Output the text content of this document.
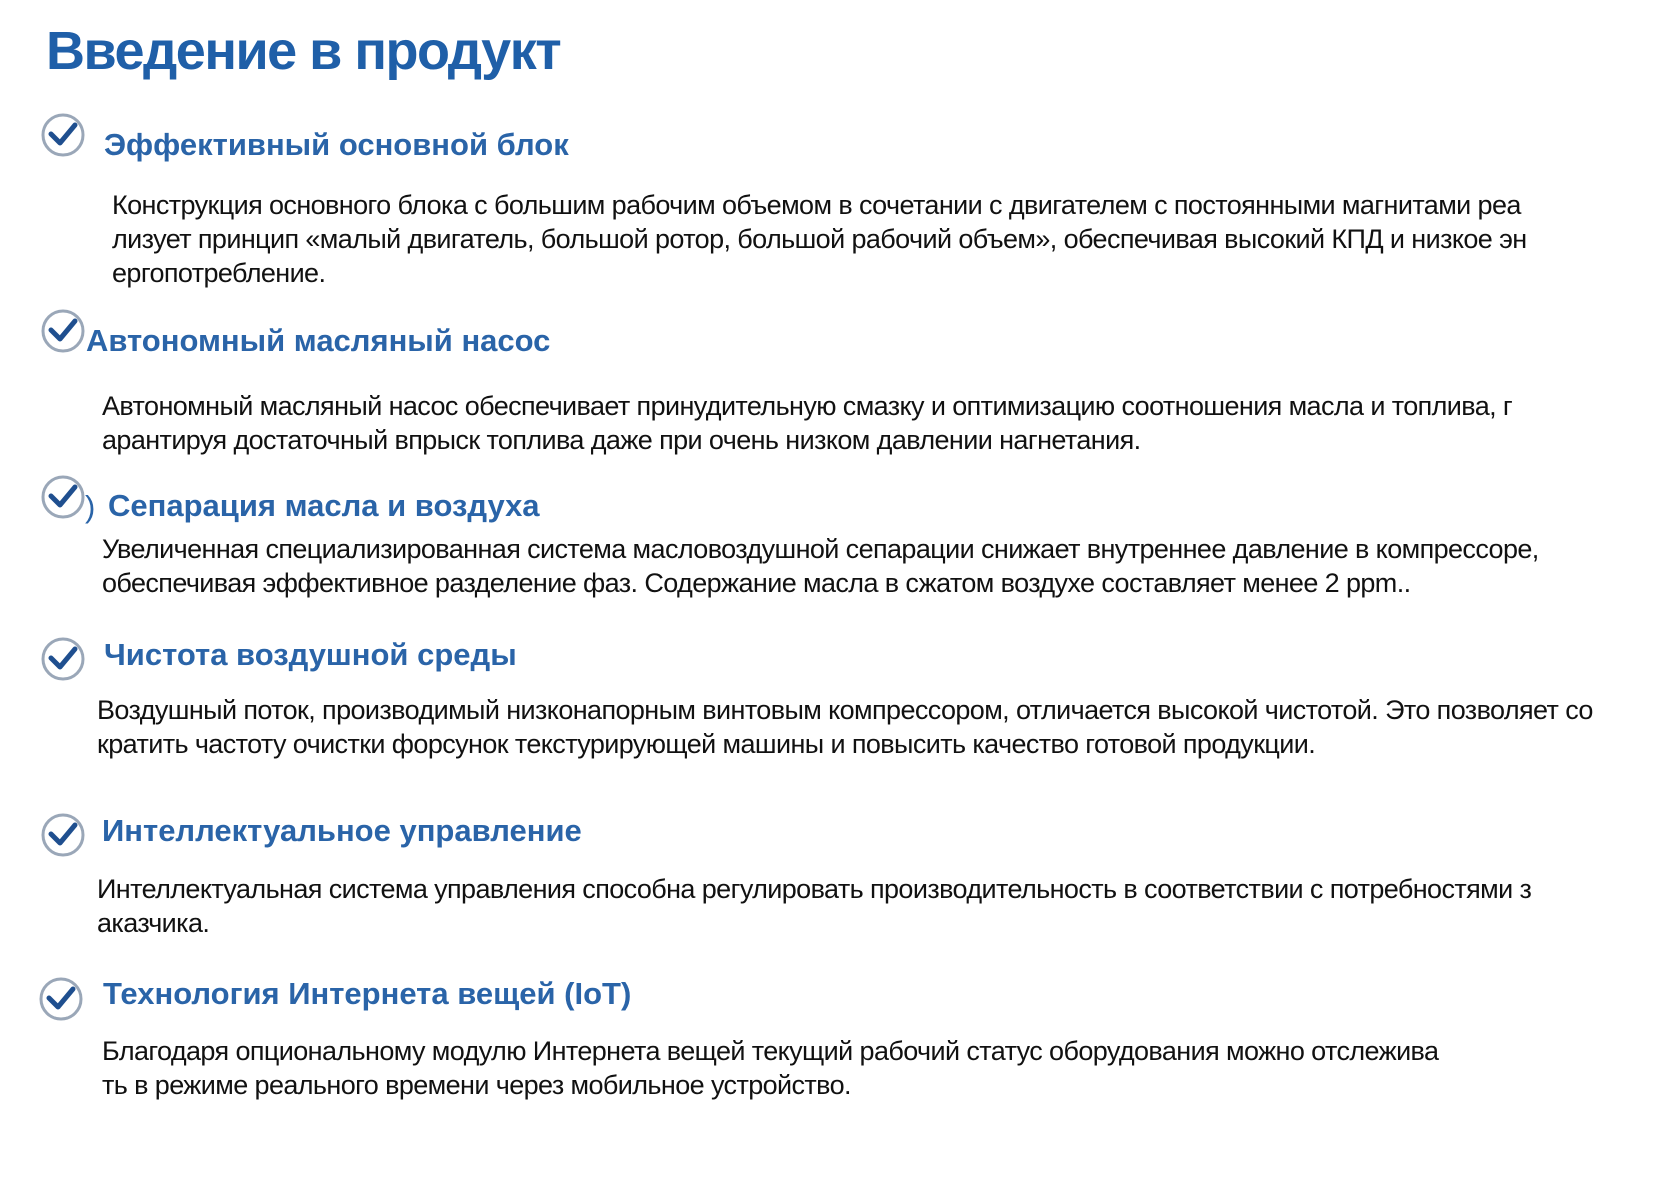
Введение в продукт
Эффективный основной блок
Конструкция основного блока с большим рабочим объемом в сочетании с двигателем с постоянными магнитами реа
лизует принцип «малый двигатель, большой ротор, большой рабочий объем», обеспечивая высокий КПД и низкое эн
ергопотребление.
Автономный масляный насос
Автономный масляный насос обеспечивает принудительную смазку и оптимизацию соотношения масла и топлива, г
арантируя достаточный впрыск топлива даже при очень низком давлении нагнетания.
) Сепарация масла и воздуха
Увеличенная специализированная система масловоздушной сепарации снижает внутреннее давление в компрессоре,
обеспечивая эффективное разделение фаз. Содержание масла в сжатом воздухе составляет менее 2 ppm..
Чистота воздушной среды
Воздушный поток, производимый низконапорным винтовым компрессором, отличается высокой чистотой. Это позволяет со
кратить частоту очистки форсунок текстурирующей машины и повысить качество готовой продукции.
Интеллектуальное управление
Интеллектуальная система управления способна регулировать производительность в соответствии с потребностями з
аказчика.
Технология Интернета вещей (IoT)
Благодаря опциональному модулю Интернета вещей текущий рабочий статус оборудования можно отслежива
ть в режиме реального времени через мобильное устройство.
